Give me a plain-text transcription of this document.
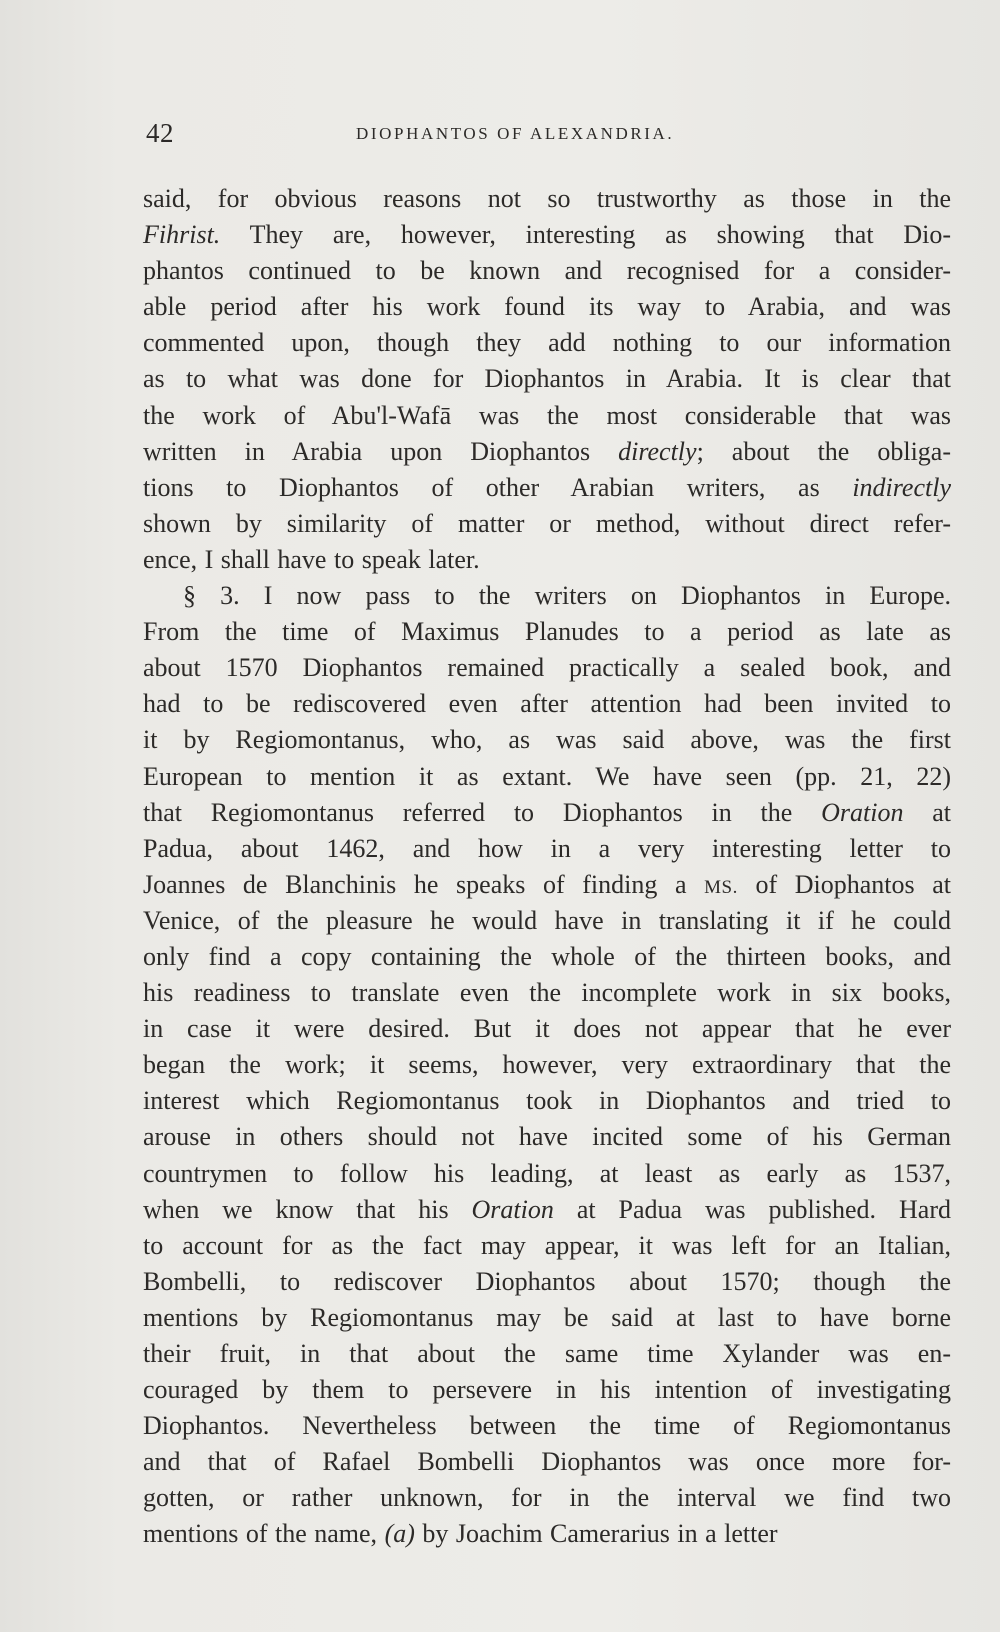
42	DIOPHANTOS OF ALEXANDRIA.
said, for obvious reasons not so trustworthy as those in the
Fihrist. They are, however, interesting as showing that Dio-
phantos continued to be known and recognised for a consider-
able period after his work found its way to Arabia, and was
commented upon, though they add nothing to our information
as to what was done for Diophantos in Arabia. It is clear that
the work of Abu'l-Wafā was the most considerable that was
written in Arabia upon Diophantos directly; about the obliga-
tions to Diophantos of other Arabian writers, as indirectly
shown by similarity of matter or method, without direct refer-
ence, I shall have to speak later.
§ 3. I now pass to the writers on Diophantos in Europe.
From the time of Maximus Planudes to a period as late as
about 1570 Diophantos remained practically a sealed book, and
had to be rediscovered even after attention had been invited to
it by Regiomontanus, who, as was said above, was the first
European to mention it as extant. We have seen (pp. 21, 22)
that Regiomontanus referred to Diophantos in the Oration at
Padua, about 1462, and how in a very interesting letter to
Joannes de Blanchinis he speaks of finding a MS. of Diophantos at
Venice, of the pleasure he would have in translating it if he could
only find a copy containing the whole of the thirteen books, and
his readiness to translate even the incomplete work in six books,
in case it were desired. But it does not appear that he ever
began the work; it seems, however, very extraordinary that the
interest which Regiomontanus took in Diophantos and tried to
arouse in others should not have incited some of his German
countrymen to follow his leading, at least as early as 1537,
when we know that his Oration at Padua was published. Hard
to account for as the fact may appear, it was left for an Italian,
Bombelli, to rediscover Diophantos about 1570; though the
mentions by Regiomontanus may be said at last to have borne
their fruit, in that about the same time Xylander was en-
couraged by them to persevere in his intention of investigating
Diophantos. Nevertheless between the time of Regiomontanus
and that of Rafael Bombelli Diophantos was once more for-
gotten, or rather unknown, for in the interval we find two
mentions of the name, (a) by Joachim Camerarius in a letter
